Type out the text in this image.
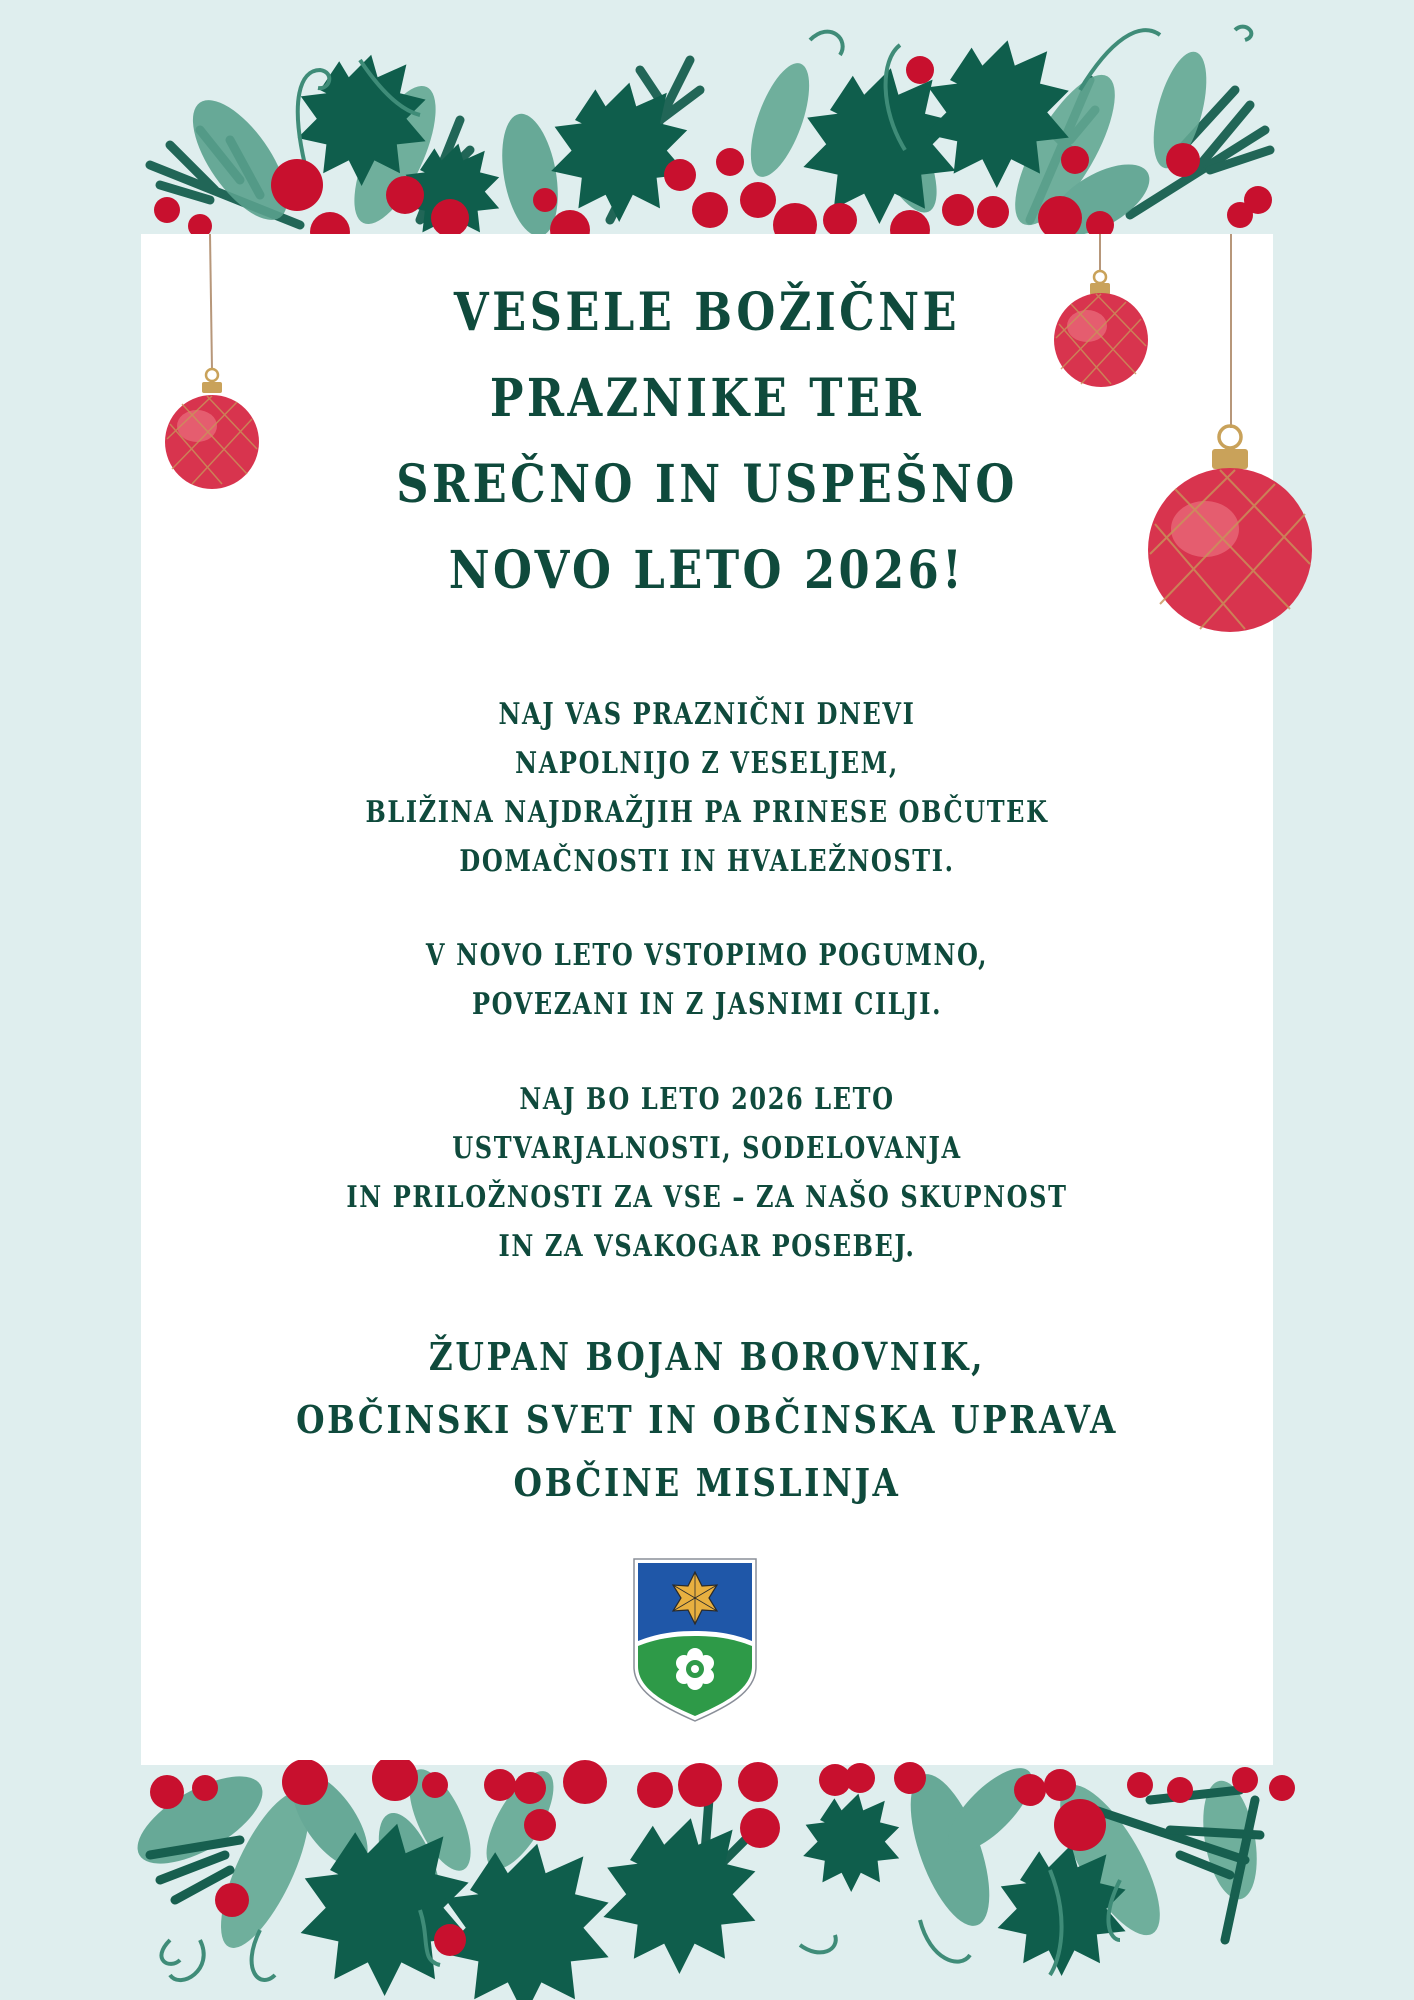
VESELE BOŽIČNE
PRAZNIKE TER
SREČNO IN USPEŠNO
NOVO LETO 2026!
NAJ VAS PRAZNIČNI DNEVI
NAPOLNIJO Z VESELJEM,
BLIŽINA NAJDRAŽJIH PA PRINESE OBČUTEK
DOMAČNOSTI IN HVALEŽNOSTI.
V NOVO LETO VSTOPIMO POGUMNO,
POVEZANI IN Z JASNIMI CILJI.
NAJ BO LETO 2026 LETO
USTVARJALNOSTI, SODELOVANJA
IN PRILOŽNOSTI ZA VSE – ZA NAŠO SKUPNOST
IN ZA VSAKOGAR POSEBEJ.
ŽUPAN BOJAN BOROVNIK,
OBČINSKI SVET IN OBČINSKA UPRAVA
OBČINE MISLINJA
